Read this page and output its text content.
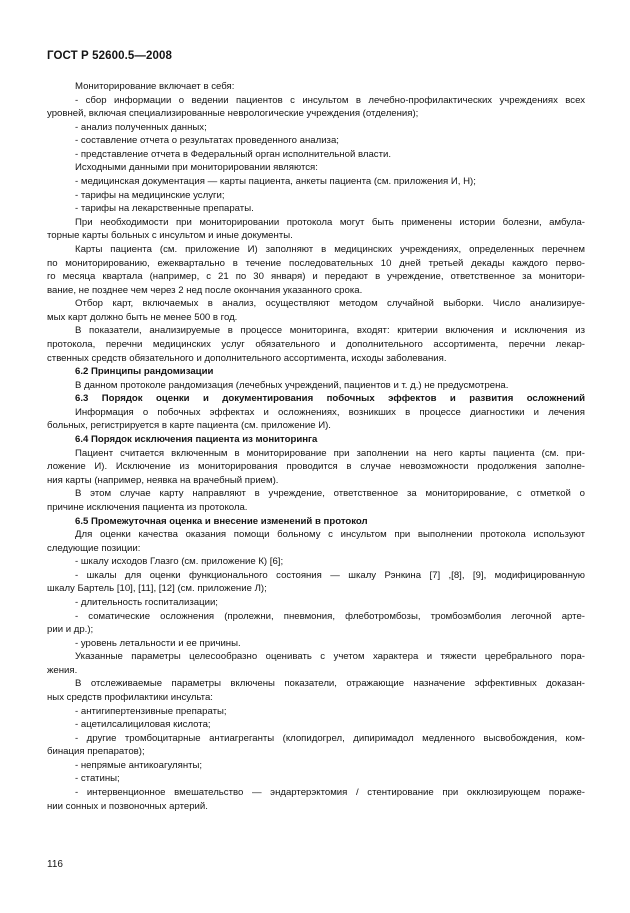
ГОСТ Р 52600.5—2008
Мониторирование включает в себя:
- сбор информации о ведении пациентов с инсультом в лечебно-профилактических учреждениях всех
уровней, включая специализированные неврологические учреждения (отделения);
- анализ полученных данных;
- составление отчета о результатах проведенного анализа;
- представление отчета в Федеральный орган исполнительной власти.
Исходными данными при мониторировании являются:
- медицинская документация — карты пациента, анкеты пациента (см. приложения И, Н);
- тарифы на медицинские услуги;
- тарифы на лекарственные препараты.
При необходимости при мониторировании протокола могут быть применены истории болезни, амбула-
торные карты больных с инсультом и иные документы.
Карты пациента (см. приложение И) заполняют в медицинских учреждениях, определенных перечнем
по мониторированию, ежеквартально в течение последовательных 10 дней третьей декады каждого перво-
го месяца квартала (например, с 21 по 30 января) и передают в учреждение, ответственное за монитори-
вание, не позднее чем через 2 нед после окончания указанного срока.
Отбор карт, включаемых в анализ, осуществляют методом случайной выборки. Число анализируе-
мых карт должно быть не менее 500 в год.
В показатели, анализируемые в процессе мониторинга, входят: критерии включения и исключения из
протокола, перечни медицинских услуг обязательного и дополнительного ассортимента, перечни лекар-
ственных средств обязательного и дополнительного ассортимента, исходы заболевания.
6.2 Принципы рандомизации
В данном протоколе рандомизация (лечебных учреждений, пациентов и т. д.) не предусмотрена.
6.3 Порядок оценки и документирования побочных эффектов и развития осложнений
Информация о побочных эффектах и осложнениях, возникших в процессе диагностики и лечения
больных, регистрируется в карте пациента (см. приложение И).
6.4 Порядок исключения пациента из мониторинга
Пациент считается включенным в мониторирование при заполнении на него карты пациента (см. при-
ложение И). Исключение из мониторирования проводится в случае невозможности продолжения заполне-
ния карты (например, неявка на врачебный прием).
В этом случае карту направляют в учреждение, ответственное за мониторирование, с отметкой о
причине исключения пациента из протокола.
6.5 Промежуточная оценка и внесение изменений в протокол
Для оценки качества оказания помощи больному с инсультом при выполнении протокола используют
следующие позиции:
- шкалу исходов Глазго (см. приложение К) [6];
- шкалы для оценки функционального состояния — шкалу Рэнкина [7] ,[8], [9], модифицированную
шкалу Бартель [10], [11], [12] (см. приложение Л);
- длительность госпитализации;
- соматические осложнения (пролежни, пневмония, флеботромбозы, тромбоэмболия легочной арте-
рии и др.);
- уровень летальности и ее причины.
Указанные параметры целесообразно оценивать с учетом характера и тяжести церебрального пора-
жения.
В отслеживаемые параметры включены показатели, отражающие назначение эффективных доказан-
ных средств профилактики инсульта:
- антигипертензивные препараты;
- ацетилсалициловая кислота;
- другие тромбоцитарные антиагреганты (клопидогрел, дипиримадол медленного высвобождения, ком-
бинация препаратов);
- непрямые антикоагулянты;
- статины;
- интервенционное вмешательство — эндартерэктомия / стентирование при окклюзирующем пораже-
нии сонных и позвоночных артерий.
116
